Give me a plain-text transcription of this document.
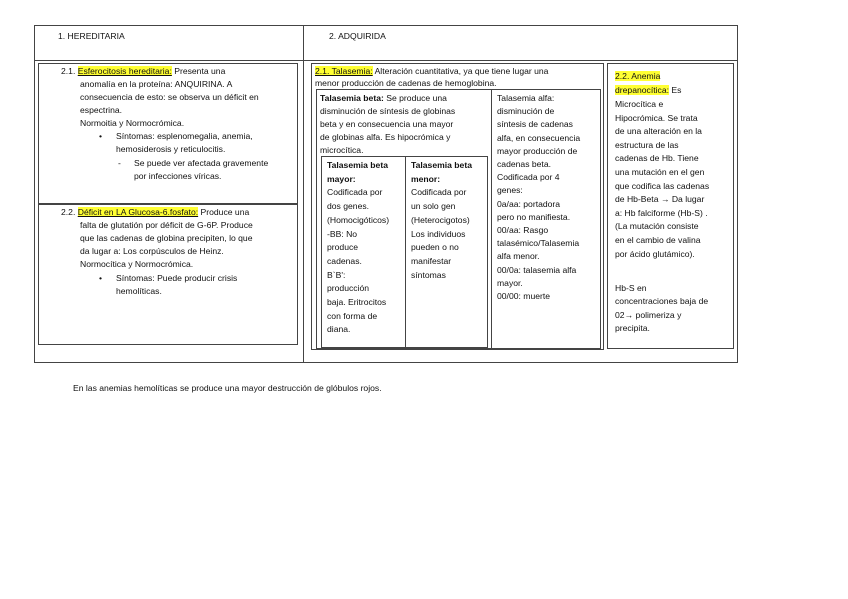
1. HEREDITARIA	2. ADQUIRIDA
2.1. Esferocitosis hereditaria: Presenta una
anomalía en la proteína: ANQUIRINA. A
consecuencia de esto: se observa un déficit en
espectrina.
Normoitia y Normocrómica.
• Síntomas: esplenomegalia, anemia,
hemosiderosis y reticulocitis.
- Se puede ver afectada gravemente
por infecciones víricas.
2.2. Déficit en LA Glucosa-6.fosfato: Produce una
falta de glutatión por déficit de G-6P. Produce
que las cadenas de globina precipiten, lo que
da lugar a: Los corpúsculos de Heinz.
Normocítica y Normocrómica.
• Síntomas: Puede producir crisis
hemolíticas.
2.1. Talasemia: Alteración cuantitativa, ya que tiene lugar una
menor producción de cadenas de hemoglobina.
Talasemia beta: Se produce una
disminución de síntesis de globinas
beta y en consecuencia una mayor
de globinas alfa. Es hipocrómica y
microcítica.
Talasemia beta
mayor:
Codificada por
dos genes.
(Homocigóticos)
-BB: No
produce
cadenas.
B`B':
producción
baja. Eritrocitos
con forma de
diana.
Talasemia beta
menor:
Codificada por
un solo gen
(Heterocigotos)
Los individuos
pueden o no
manifestar
síntomas
Talasemia alfa:
disminución de
síntesis de cadenas
alfa, en consecuencia
mayor producción de
cadenas beta.
Codificada por 4
genes:
0a/aa: portadora
pero no manifiesta.
00/aa: Rasgo
talasémico/Talasemia
alfa menor.
00/0a: talasemia alfa
mayor.
00/00: muerte
2.2. Anemia
drepanocítica: Es
Microcítica e
Hipocrómica. Se trata
de una alteración en la
estructura de las
cadenas de Hb. Tiene
una mutación en el gen
que codifica las cadenas
de Hb-Beta → Da lugar
a: Hb falciforme (Hb-S) .
(La mutación consiste
en el cambio de valina
por ácido glutámico).
Hb-S en
concentraciones baja de
02→ polimeriza y
precipita.
En las anemias hemolíticas se produce una mayor destrucción de glóbulos rojos.
